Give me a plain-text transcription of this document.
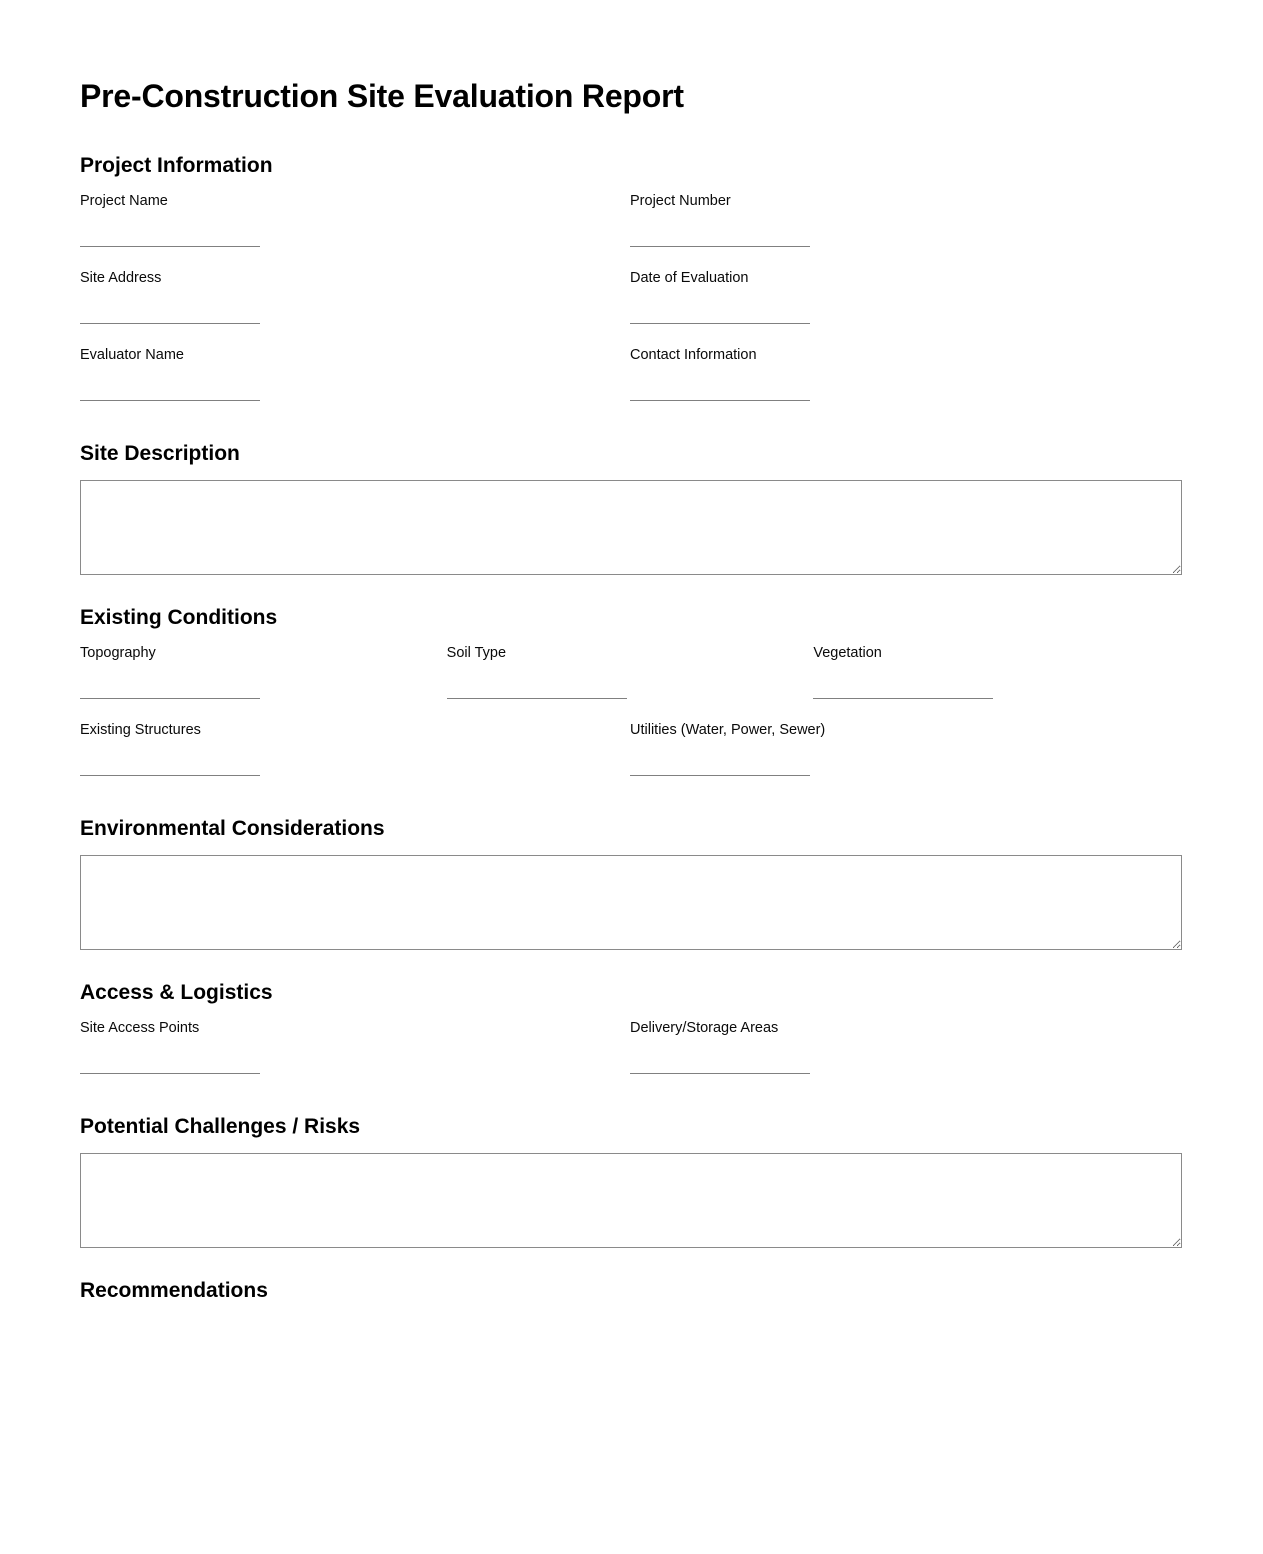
Pre-Construction Site Evaluation Report
Project Information
Project Name	Project Number
Site Address	Date of Evaluation
Evaluator Name	Contact Information
Site Description
Existing Conditions
Topography	Soil Type	Vegetation
Existing Structures	Utilities (Water, Power, Sewer)
Environmental Considerations
Access & Logistics
Site Access Points	Delivery/Storage Areas
Potential Challenges / Risks
Recommendations
